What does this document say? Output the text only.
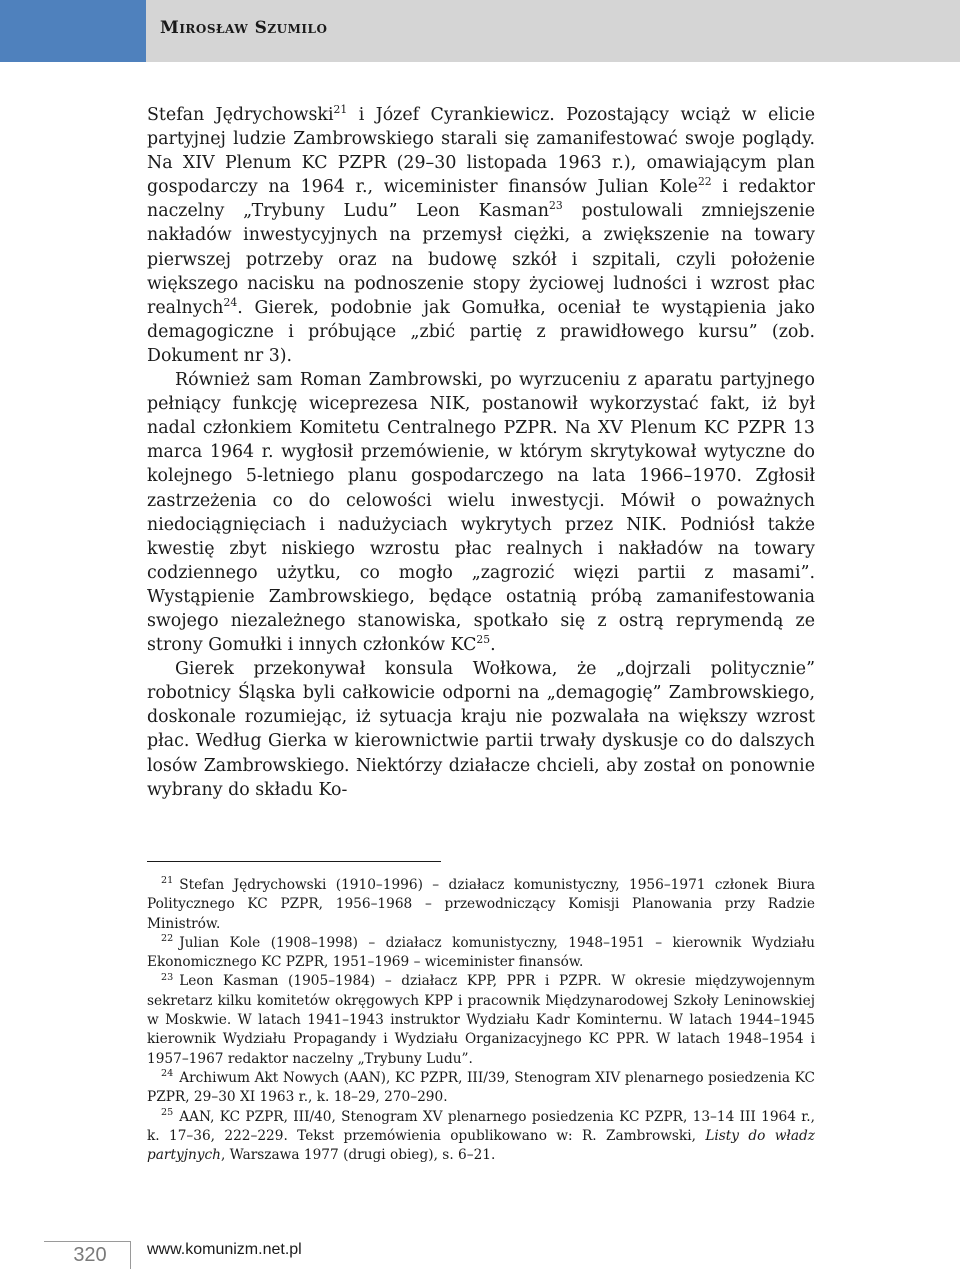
Mirosław Szumilo

Stefan Jędrychowski$^{21}$ i Józef Cyrankiewicz. Pozostający wciąż w elicie partyjnej ludzie Zambrowskiego starali się zamanifestować swoje poglądy. Na XIV Plenum KC PZPR (29–30 listopada 1963 r.), omawiającym plan gospodarczy na 1964 r., wiceminister finansów Julian Kole$^{22}$ i redaktor naczelny „Trybuny Ludu” Leon Kasman$^{23}$ postulowali zmniejszenie nakładów inwestycyjnych na przemysł ciężki, a zwiększenie na towary pierwszej potrzeby oraz na budowę szkół i szpitali, czyli położenie większego nacisku na podnoszenie stopy życiowej ludności i wzrost płac realnych$^{24}$. Gierek, podobnie jak Gomułka, oceniał te wystąpienia jako demagogiczne i próbujące „zbić partię z prawidłowego kursu” (zob. Dokument nr 3).

Również sam Roman Zambrowski, po wyrzuceniu z aparatu partyjnego pełniący funkcję wiceprezesa NIK, postanowił wykorzystać fakt, iż był nadal członkiem Komitetu Centralnego PZPR. Na XV Plenum KC PZPR 13 marca 1964 r. wygłosił przemówienie, w którym skrytykował wytyczne do kolejnego 5-letniego planu gospodarczego na lata 1966–1970. Zgłosił zastrzeżenia co do celowości wielu inwestycji. Mówił o poważnych niedociągnięciach i nadużyciach wykrytych przez NIK. Podniósł także kwestię zbyt niskiego wzrostu płac realnych i nakładów na towary codziennego użytku, co mogło „zagrozić więzi partii z masami”. Wystąpienie Zambrowskiego, będące ostatnią próbą zamanifestowania swojego niezależnego stanowiska, spotkało się z ostrą reprymendą ze strony Gomułki i innych członków KC$^{25}$.

Gierek przekonywał konsula Wołkowa, że „dojrzali politycznie” robotnicy Śląska byli całkowicie odporni na „demagogię” Zambrowskiego, doskonale rozumiejąc, iż sytuacja kraju nie pozwalała na większy wzrost płac. Według Gierka w kierownictwie partii trwały dyskusje co do dalszych losów Zambrowskiego. Niektórzy działacze chcieli, aby został on ponownie wybrany do składu Ko-

$^{21}$ Stefan Jędrychowski (1910–1996) – działacz komunistyczny, 1956–1971 członek Biura Politycznego KC PZPR, 1956–1968 – przewodniczący Komisji Planowania przy Radzie Ministrów.

$^{22}$ Julian Kole (1908–1998) – działacz komunistyczny, 1948–1951 – kierownik Wydziału Ekonomicznego KC PZPR, 1951–1969 – wiceminister finansów.

$^{23}$ Leon Kasman (1905–1984) – działacz KPP, PPR i PZPR. W okresie międzywojennym sekretarz kilku komitetów okręgowych KPP i pracownik Międzynarodowej Szkoły Leninowskiej w Moskwie. W latach 1941–1943 instruktor Wydziału Kadr Kominternu. W latach 1944–1945 kierownik Wydziału Propagandy i Wydziału Organizacyjnego KC PPR. W latach 1948–1954 i 1957–1967 redaktor naczelny „Trybuny Ludu”.

$^{24}$ Archiwum Akt Nowych (AAN), KC PZPR, III/39, Stenogram XIV plenarnego posiedzenia KC PZPR, 29–30 XI 1963 r., k. 18–29, 270–290.

$^{25}$ AAN, KC PZPR, III/40, Stenogram XV plenarnego posiedzenia KC PZPR, 13–14 III 1964 r., k. 17–36, 222–229. Tekst przemówienia opublikowano w: R. Zambrowski, Listy do władz partyjnych, Warszawa 1977 (drugi obieg), s. 6–21.

320	www.komunizm.net.pl
